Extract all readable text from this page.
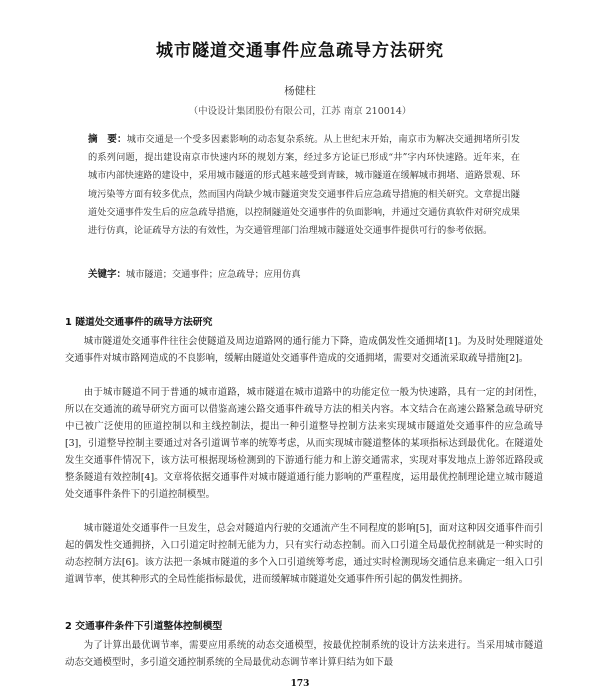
城市隧道交通事件应急疏导方法研究
杨健柱
（中设设计集团股份有限公司，江苏 南京 210014）
摘　要：城市交通是一个受多因素影响的动态复杂系统。从上世纪末开始，南京市为解决交通拥堵所引发的系列问题，提出建设南京市快速内环的规划方案，经过多方论证已形成“井”字内环快速路。近年来，在城市内部快速路的建设中，采用城市隧道的形式越来越受到青睐，城市隧道在缓解城市拥堵、道路景观、环境污染等方面有较多优点，然而国内尚缺少城市隧道突发交通事件后应急疏导措施的相关研究。文章提出隧道处交通事件发生后的应急疏导措施，以控制隧道处交通事件的负面影响，并通过交通仿真软件对研究成果进行仿真，论证疏导方法的有效性，为交通管理部门治理城市隧道处交通事件提供可行的参考依据。
关键字：城市隧道；交通事件；应急疏导；应用仿真
1 隧道处交通事件的疏导方法研究
城市隧道处交通事件往往会使隧道及周边道路网的通行能力下降，造成偶发性交通拥堵[1]。为及时处理隧道处交通事件对城市路网造成的不良影响，缓解由隧道处交通事件造成的交通拥堵，需要对交通流采取疏导措施[2]。
由于城市隧道不同于普通的城市道路，城市隧道在城市道路中的功能定位一般为快速路，具有一定的封闭性，所以在交通流的疏导研究方面可以借鉴高速公路交通事件疏导方法的相关内容。本文结合在高速公路紧急疏导研究中已被广泛使用的匝道控制以和主线控制法，提出一种引道整导控制方法来实现城市隧道处交通事件的应急疏导[3]，引道整导控制主要通过对各引道调节率的统筹考虑，从而实现城市隧道整体的某项指标达到最优化。在隧道处发生交通事件情况下，该方法可根据现场检测到的下游通行能力和上游交通需求，实现对事发地点上游邻近路段或整条隧道有效控制[4]。文章将依据交通事件对城市隧道通行能力影响的严重程度，运用最优控制理论建立城市隧道处交通事件条件下的引道控制模型。
城市隧道处交通事件一旦发生，总会对隧道内行驶的交通流产生不同程度的影响[5]，面对这种因交通事件而引起的偶发性交通拥挤，入口引道定时控制无能为力，只有实行动态控制。而入口引道全局最优控制就是一种实时的动态控制方法[6]。该方法把一条城市隧道的多个入口引道统筹考虑，通过实时检测现场交通信息来确定一组入口引道调节率，使其种形式的全局性能指标最优，进而缓解城市隧道处交通事件所引起的偶发性拥挤。
2 交通事件条件下引道整体控制模型
为了计算出最优调节率，需要应用系统的动态交通模型，按最优控制系统的设计方法来进行。当采用城市隧道动态交通模型时，多引道交通控制系统的全局最优动态调节率计算归结为如下最
173
